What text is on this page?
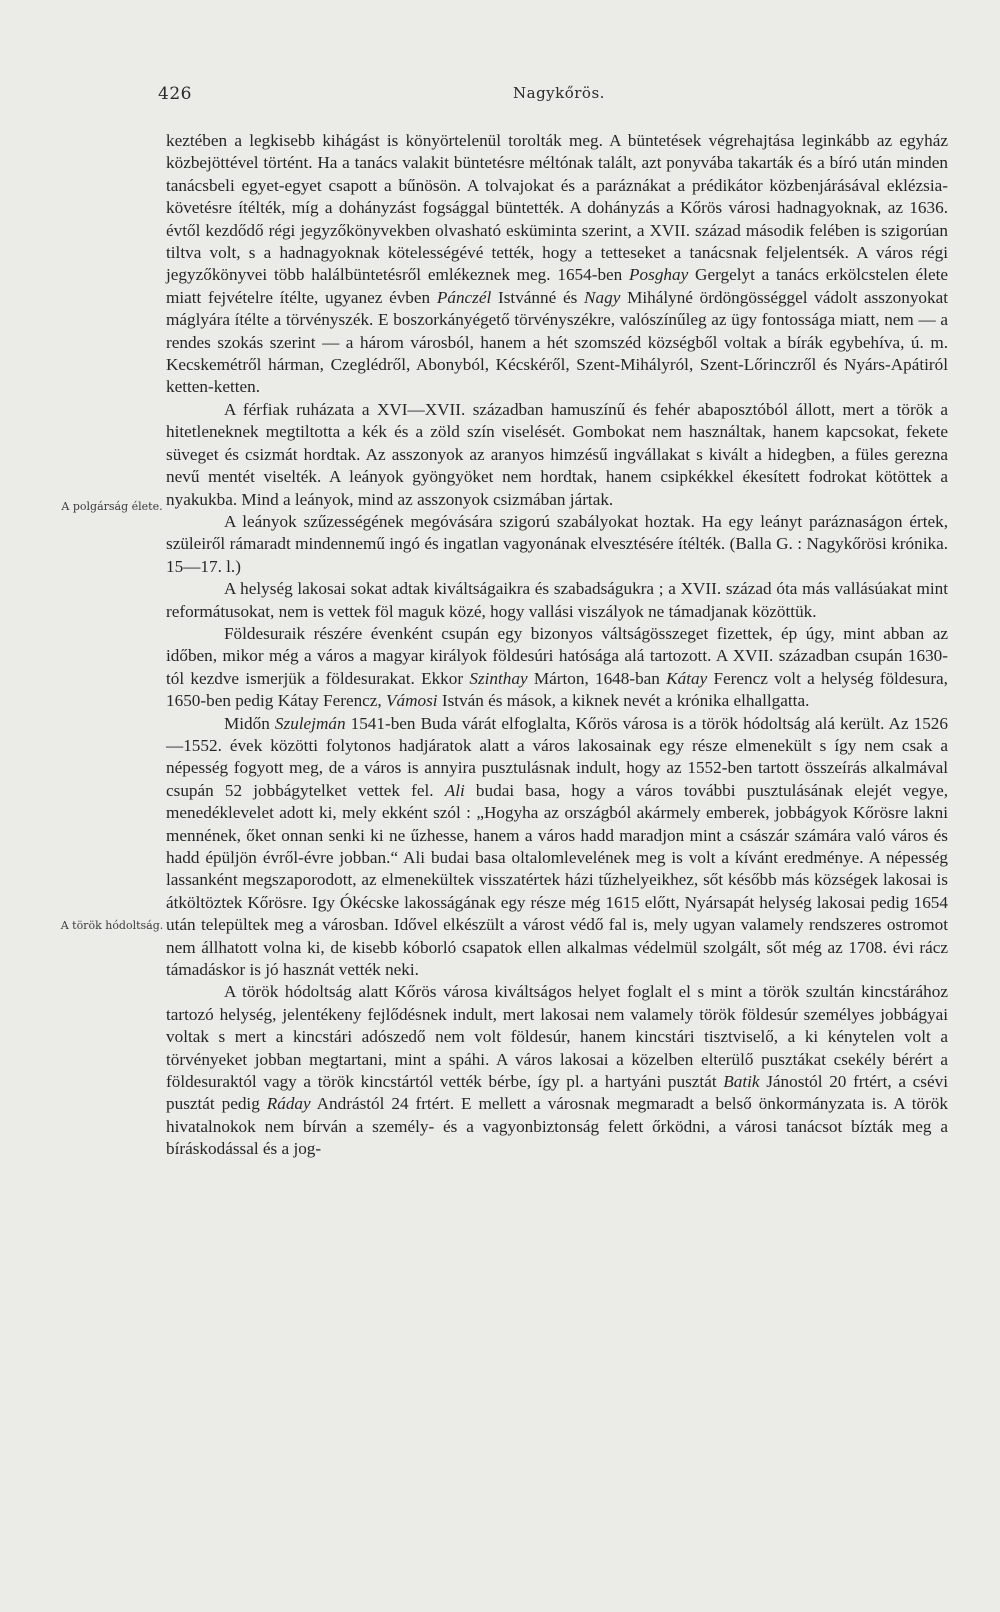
426	Nagykőrös.
A polgárság élete.
A török hódoltság.

keztében a legkisebb kihágást is könyörtelenül torolták meg. A büntetések végrehajtása leginkább az egyház közbejöttével történt. Ha a tanács valakit büntetésre méltónak talált, azt ponyvába takarták és a bíró után minden tanácsbeli egyet-egyet csapott a bűnösön. A tolvajokat és a paráznákat a prédikátor közbenjárásával eklézsia-követésre ítélték, míg a dohányzást fogsággal büntették. A dohányzás a Kőrös városi hadnagyoknak, az 1636. évtől kezdődő régi jegyzőkönyvekben olvasható esküminta szerint, a XVII. század második felében is szigorúan tiltva volt, s a hadnagyoknak kötelességévé tették, hogy a tetteseket a tanácsnak feljelentsék. A város régi jegyzőkönyvei több halálbüntetésről emlékeznek meg. 1654-ben Posghay Gergelyt a tanács erkölcstelen élete miatt fejvételre ítélte, ugyanez évben Pánczél Istvánné és Nagy Mihályné ördöngösséggel vádolt asszonyokat máglyára ítélte a törvényszék. E boszorkányégető törvényszékre, valószínűleg az ügy fontossága miatt, nem — a rendes szokás szerint — a három városból, hanem a hét szomszéd községből voltak a bírák egybehíva, ú. m. Kecskemétről hárman, Czeglédről, Abonyból, Kécskéről, Szent-Mihályról, Szent-Lőrinczről és Nyárs-Apátiról ketten-ketten.

A férfiak ruházata a XVI—XVII. században hamuszínű és fehér abaposztóból állott, mert a török a hitetleneknek megtiltotta a kék és a zöld szín viselését. Gombokat nem használtak, hanem kapcsokat, fekete süveget és csizmát hordtak. Az asszonyok az aranyos himzésű ingvállakat s kivált a hidegben, a füles gerezna nevű mentét viselték. A leányok gyöngyöket nem hordtak, hanem csipkékkel ékesített fodrokat kötöttek a nyakukba. Mind a leányok, mind az asszonyok csizmában jártak.

A leányok szűzességének megóvására szigorú szabályokat hoztak. Ha egy leányt paráznaságon értek, szüleiről rámaradt mindennemű ingó és ingatlan vagyonának elvesztésére ítélték. (Balla G. : Nagykőrösi krónika. 15—17. l.)

A helység lakosai sokat adtak kiváltságaikra és szabadságukra ; a XVII. század óta más vallásúakat mint reformátusokat, nem is vettek föl maguk közé, hogy vallási viszályok ne támadjanak közöttük.

Földesuraik részére évenként csupán egy bizonyos váltságösszeget fizettek, ép úgy, mint abban az időben, mikor még a város a magyar királyok földesúri hatósága alá tartozott. A XVII. században csupán 1630-tól kezdve ismerjük a földesurakat. Ekkor Szinthay Márton, 1648-ban Kátay Ferencz volt a helység földesura, 1650-ben pedig Kátay Ferencz, Vámosi István és mások, a kiknek nevét a krónika elhallgatta.

Midőn Szulejmán 1541-ben Buda várát elfoglalta, Kőrös városa is a török hódoltság alá került. Az 1526—1552. évek közötti folytonos hadjáratok alatt a város lakosainak egy része elmenekült s így nem csak a népesség fogyott meg, de a város is annyira pusztulásnak indult, hogy az 1552-ben tartott összeírás alkalmával csupán 52 jobbágytelket vettek fel. Ali budai basa, hogy a város további pusztulásának elejét vegye, menedéklevelet adott ki, mely ekként szól : „Hogyha az országból akármely emberek, jobbágyok Kőrösre lakni mennének, őket onnan senki ki ne űzhesse, hanem a város hadd maradjon mint a császár számára való város és hadd épüljön évről-évre jobban.“ Ali budai basa oltalomlevelének meg is volt a kívánt eredménye. A népesség lassanként megszaporodott, az elmenekültek visszatértek házi tűzhelyeikhez, sőt később más községek lakosai is átköltöztek Kőrösre. Igy Ókécske lakosságának egy része még 1615 előtt, Nyársapát helység lakosai pedig 1654 után települtek meg a városban. Idővel elkészült a várost védő fal is, mely ugyan valamely rendszeres ostromot nem állhatott volna ki, de kisebb kóborló csapatok ellen alkalmas védelmül szolgált, sőt még az 1708. évi rácz támadáskor is jó hasznát vették neki.

A török hódoltság alatt Kőrös városa kiváltságos helyet foglalt el s mint a török szultán kincstárához tartozó helység, jelentékeny fejlődésnek indult, mert lakosai nem valamely török földesúr személyes jobbágyai voltak s mert a kincstári adószedő nem volt földesúr, hanem kincstári tisztviselő, a ki kénytelen volt a törvényeket jobban megtartani, mint a spáhi. A város lakosai a közelben elterülő pusztákat csekély bérért a földesuraktól vagy a török kincstártól vették bérbe, így pl. a hartyáni pusztát Batik Jánostól 20 frtért, a csévi pusztát pedig Ráday Andrástól 24 frtért. E mellett a városnak megmaradt a belső önkormányzata is. A török hivatalnokok nem bírván a személy- és a vagyonbiztonság felett őrködni, a városi tanácsot bízták meg a bíráskodással és a jog-
